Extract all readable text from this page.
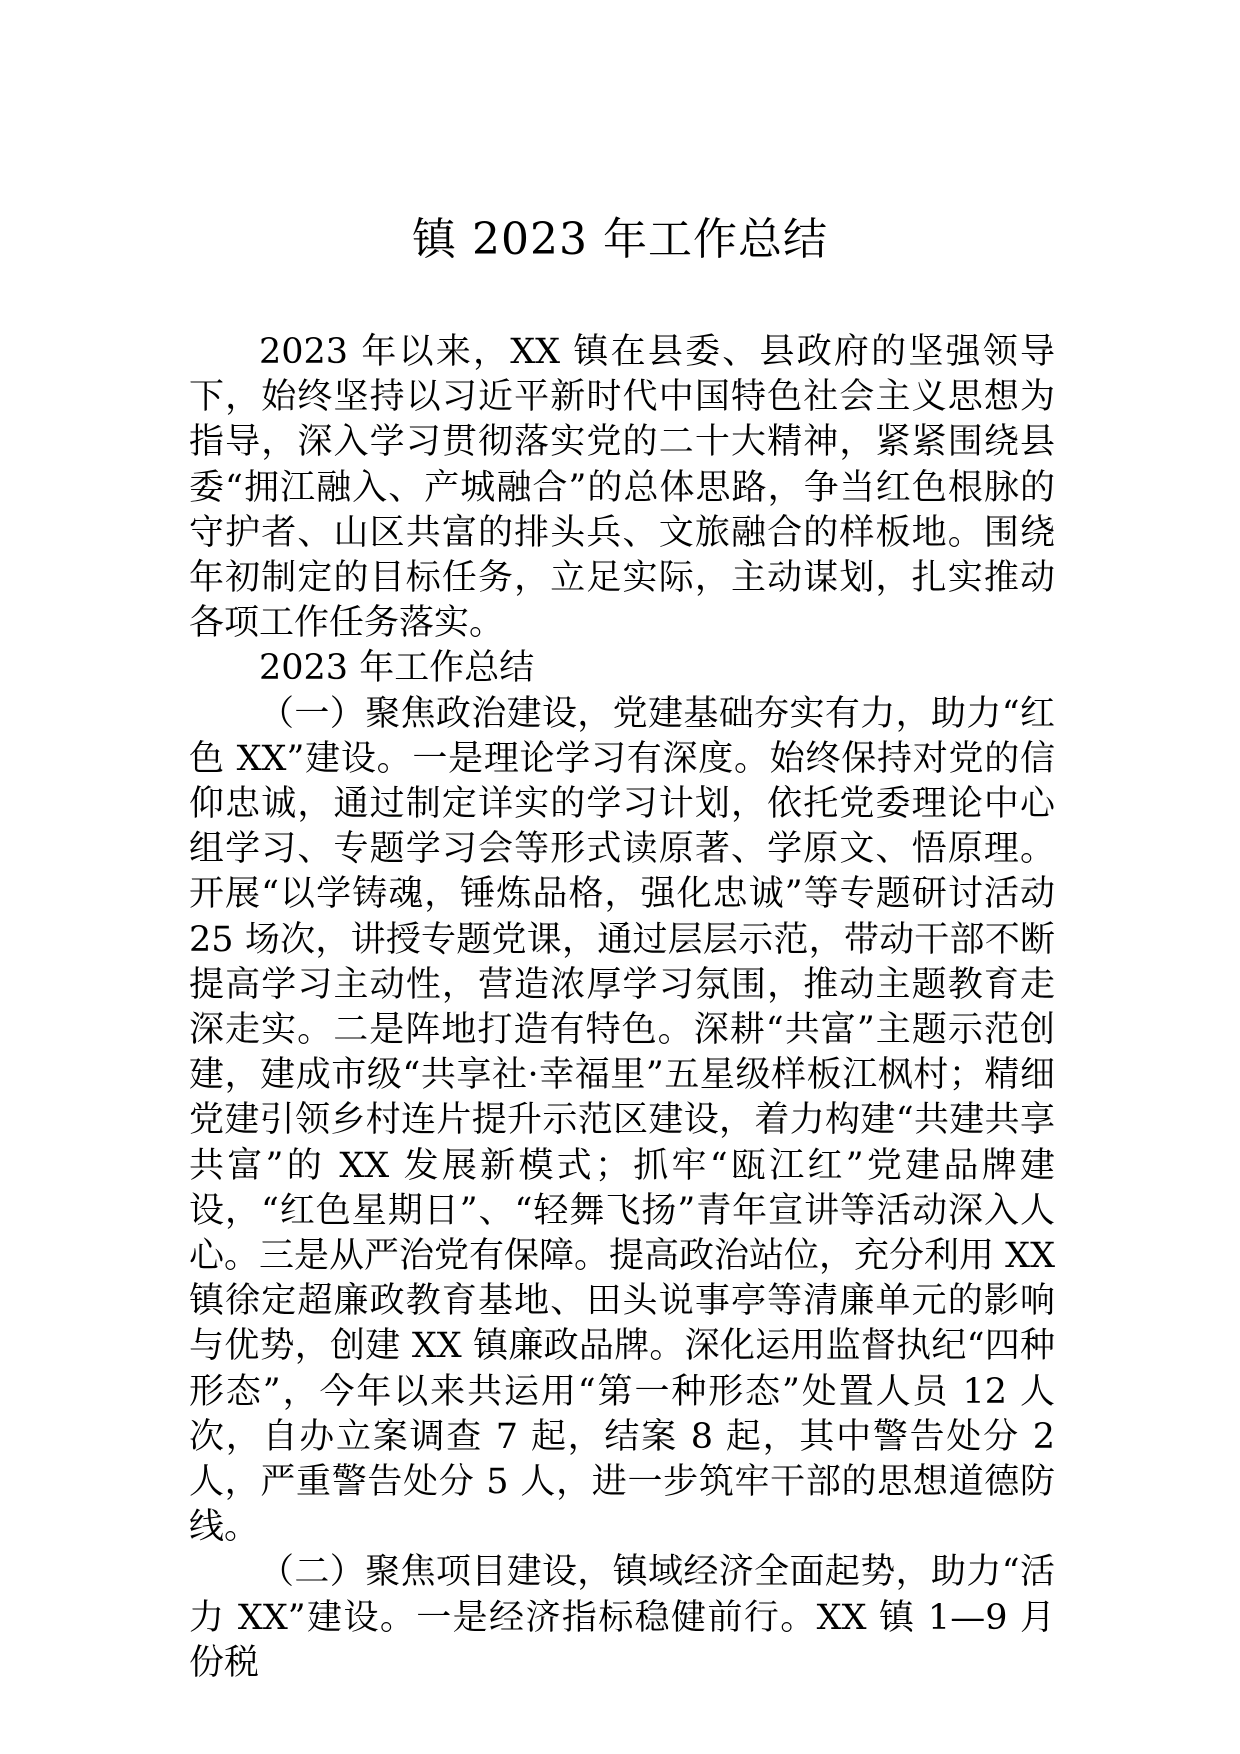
镇 2023 年工作总结

2023 年以来，XX 镇在县委、县政府的坚强领导下，始终坚持以习近平新时代中国特色社会主义思想为指导，深入学习贯彻落实党的二十大精神，紧紧围绕县委“拥江融入、产城融合”的总体思路，争当红色根脉的守护者、山区共富的排头兵、文旅融合的样板地。围绕年初制定的目标任务，立足实际，主动谋划，扎实推动各项工作任务落实。

2023 年工作总结

（一）聚焦政治建设，党建基础夯实有力，助力“红色 XX”建设。一是理论学习有深度。始终保持对党的信仰忠诚，通过制定详实的学习计划，依托党委理论中心组学习、专题学习会等形式读原著、学原文、悟原理。开展“以学铸魂，锤炼品格，强化忠诚”等专题研讨活动 25 场次，讲授专题党课，通过层层示范，带动干部不断提高学习主动性，营造浓厚学习氛围，推动主题教育走深走实。二是阵地打造有特色。深耕“共富”主题示范创建，建成市级“共享社·幸福里”五星级样板江枫村；精细党建引领乡村连片提升示范区建设，着力构建“共建共享共富”的 XX 发展新模式；抓牢“瓯江红”党建品牌建设，“红色星期日”、“轻舞飞扬”青年宣讲等活动深入人心。三是从严治党有保障。提高政治站位，充分利用 XX 镇徐定超廉政教育基地、田头说事亭等清廉单元的影响与优势，创建 XX 镇廉政品牌。深化运用监督执纪“四种形态”，今年以来共运用“第一种形态”处置人员 12 人次，自办立案调查 7 起，结案 8 起，其中警告处分 2 人，严重警告处分 5 人，进一步筑牢干部的思想道德防线。

（二）聚焦项目建设，镇域经济全面起势，助力“活力 XX”建设。一是经济指标稳健前行。XX 镇 1—9 月份税
